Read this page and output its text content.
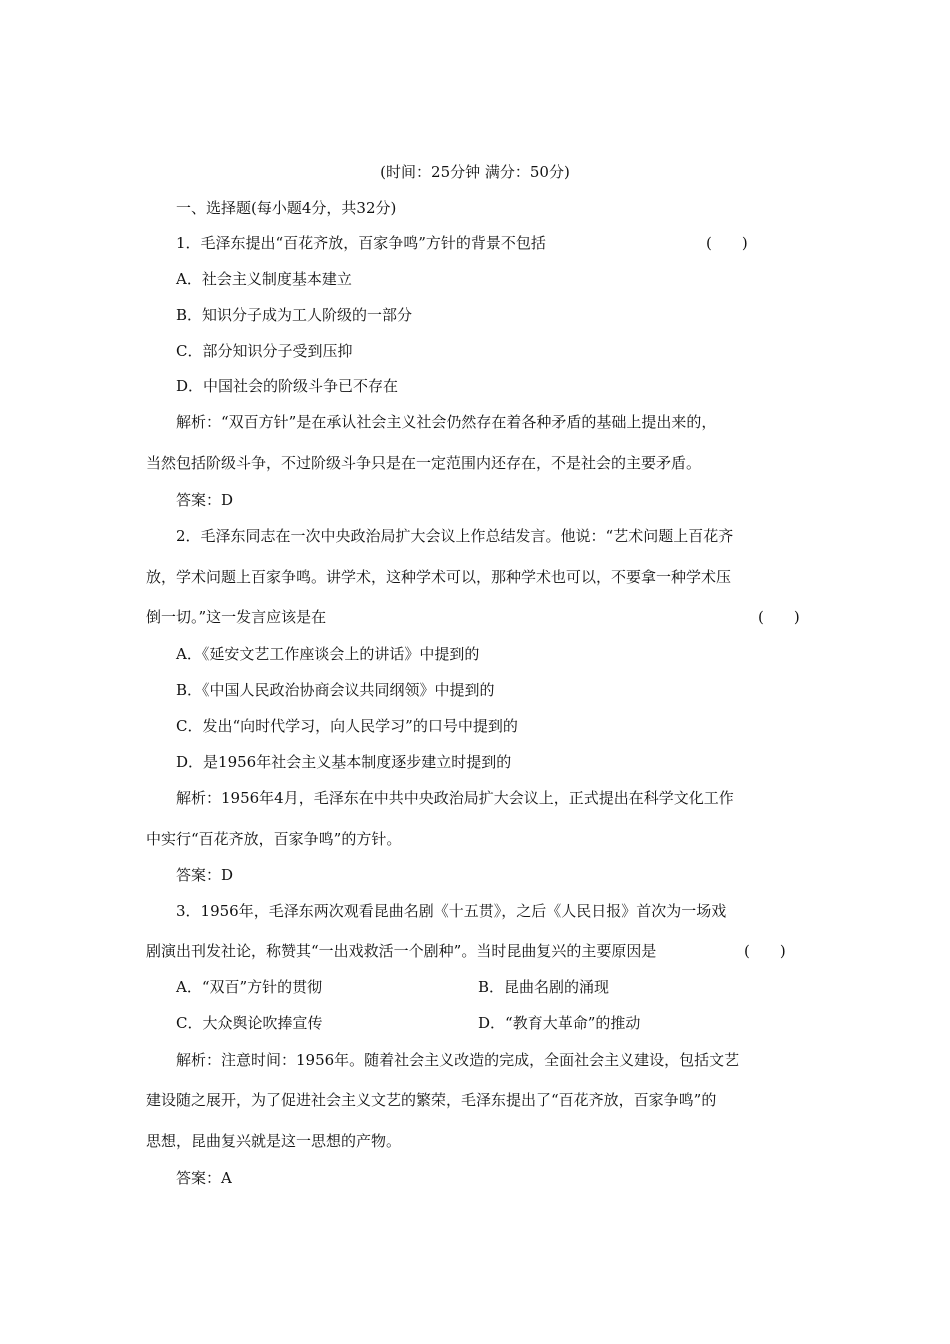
(时间：25分钟 满分：50分)
一、选择题(每小题4分，共32分)
1．毛泽东提出“百花齐放，百家争鸣”方针的背景不包括	(　　)
A．社会主义制度基本建立
B．知识分子成为工人阶级的一部分
C．部分知识分子受到压抑
D．中国社会的阶级斗争已不存在
解析：“双百方针”是在承认社会主义社会仍然存在着各种矛盾的基础上提出来的，
当然包括阶级斗争，不过阶级斗争只是在一定范围内还存在，不是社会的主要矛盾。
答案：D
2．毛泽东同志在一次中央政治局扩大会议上作总结发言。他说：“艺术问题上百花齐
放，学术问题上百家争鸣。讲学术，这种学术可以，那种学术也可以，不要拿一种学术压
倒一切。”这一发言应该是在	(　　)
A．《延安文艺工作座谈会上的讲话》中提到的
B．《中国人民政治协商会议共同纲领》中提到的
C．发出“向时代学习，向人民学习”的口号中提到的
D．是1956年社会主义基本制度逐步建立时提到的
解析：1956年4月，毛泽东在中共中央政治局扩大会议上，正式提出在科学文化工作
中实行“百花齐放，百家争鸣”的方针。
答案：D
3．1956年，毛泽东两次观看昆曲名剧《十五贯》，之后《人民日报》首次为一场戏
剧演出刊发社论，称赞其“一出戏救活一个剧种”。当时昆曲复兴的主要原因是	(　　)
A．“双百”方针的贯彻	B．昆曲名剧的涌现
C．大众舆论吹捧宣传	D．“教育大革命”的推动
解析：注意时间：1956年。随着社会主义改造的完成，全面社会主义建设，包括文艺
建设随之展开，为了促进社会主义文艺的繁荣，毛泽东提出了“百花齐放，百家争鸣”的
思想，昆曲复兴就是这一思想的产物。
答案：A
